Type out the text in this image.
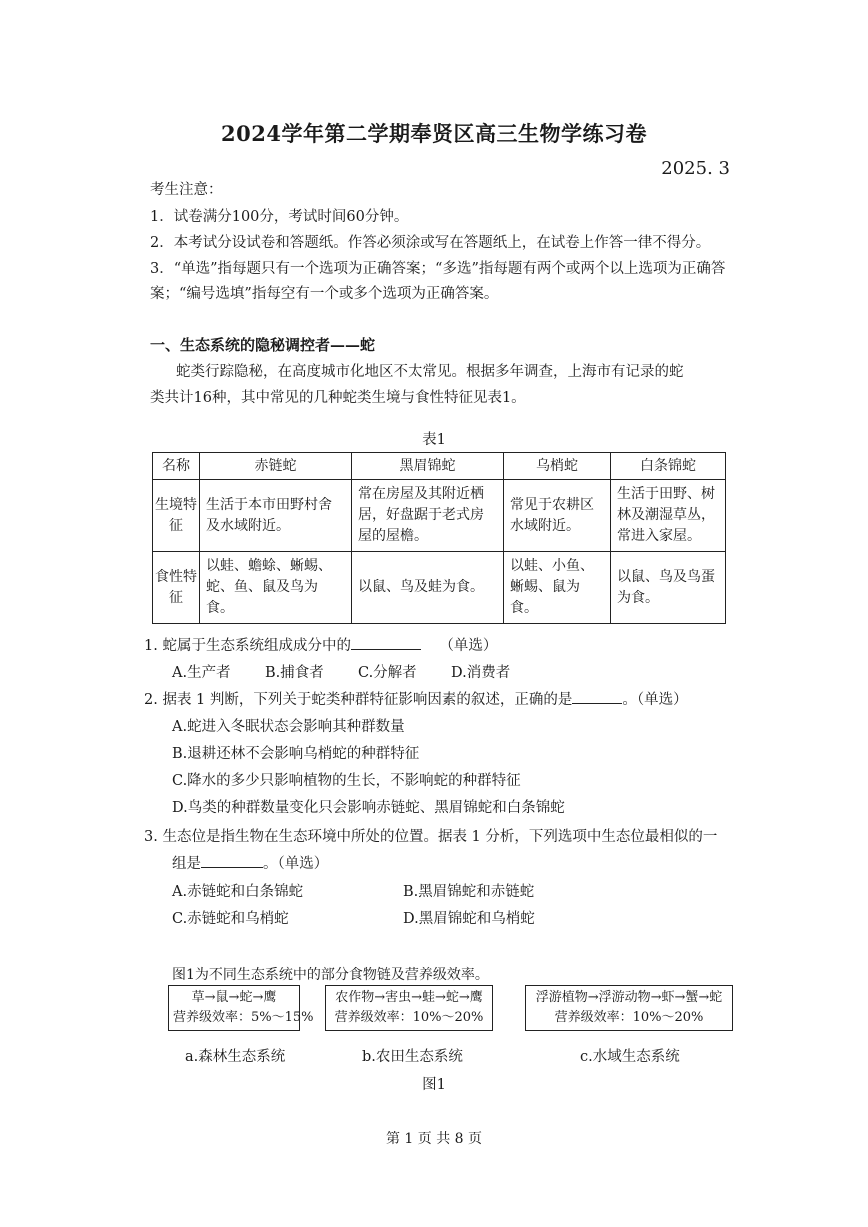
2024学年第二学期奉贤区高三生物学练习卷
2025. 3
考生注意：
1．试卷满分100分，考试时间60分钟。
2．本考试分设试卷和答题纸。作答必须涂或写在答题纸上，在试卷上作答一律不得分。
3．“单选”指每题只有一个选项为正确答案；“多选”指每题有两个或两个以上选项为正确答
案；“编号选填”指每空有一个或多个选项为正确答案。
一、生态系统的隐秘调控者——蛇
蛇类行踪隐秘，在高度城市化地区不太常见。根据多年调查，上海市有记录的蛇
类共计16种，其中常见的几种蛇类生境与食性特征见表1。
表1
名称	赤链蛇	黑眉锦蛇	乌梢蛇	白条锦蛇
生境特征	生活于本市田野村舍及水域附近。	常在房屋及其附近栖居，好盘踞于老式房屋的屋檐。	常见于农耕区水域附近。	生活于田野、树林及潮湿草丛，常进入家屋。
食性特征	以蛙、蟾蜍、蜥蜴、蛇、鱼、鼠及鸟为食。	以鼠、鸟及蛙为食。	以蛙、小鱼、蜥蜴、鼠为食。	以鼠、鸟及鸟蛋为食。
1. 蛇属于生态系统组成成分中的	（单选）
A.生产者 B.捕食者 C.分解者 D.消费者
2. 据表 1 判断，下列关于蛇类种群特征影响因素的叙述，正确的是	。（单选）
A.蛇进入冬眠状态会影响其种群数量
B.退耕还林不会影响乌梢蛇的种群特征
C.降水的多少只影响植物的生长，不影响蛇的种群特征
D.鸟类的种群数量变化只会影响赤链蛇、黑眉锦蛇和白条锦蛇
3. 生态位是指生物在生态环境中所处的位置。据表 1 分析，下列选项中生态位最相似的一
组是	。（单选）
A.赤链蛇和白条锦蛇	B.黑眉锦蛇和赤链蛇
C.赤链蛇和乌梢蛇	D.黑眉锦蛇和乌梢蛇
图1为不同生态系统中的部分食物链及营养级效率。
草→鼠→蛇→鹰
营养级效率：5%～15%
农作物→害虫→蛙→蛇→鹰
营养级效率：10%～20%
浮游植物→浮游动物→虾→蟹→蛇
营养级效率：10%～20%
a.森林生态系统	b.农田生态系统	c.水域生态系统
图1
第 1 页 共 8 页
